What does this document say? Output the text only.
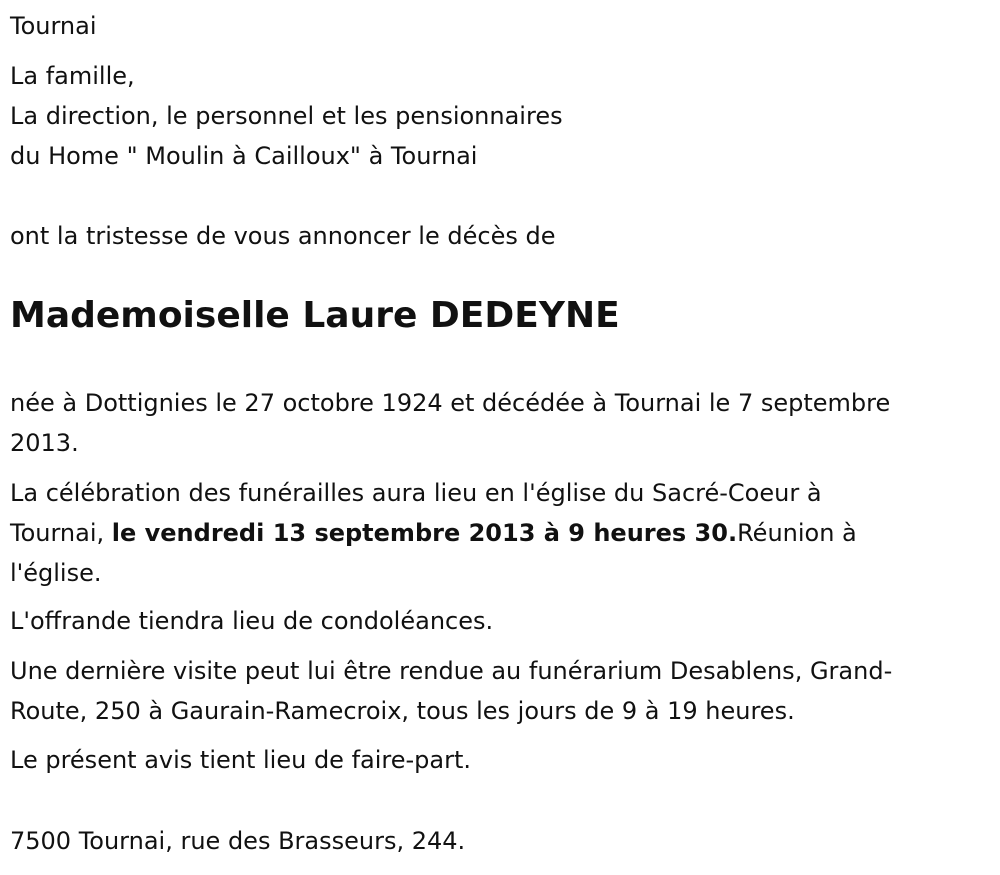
Tournai
La famille,
La direction, le personnel et les pensionnaires
du Home " Moulin à Cailloux" à Tournai
ont la tristesse de vous annoncer le décès de
Mademoiselle Laure DEDEYNE
née à Dottignies le 27 octobre 1924 et décédée à Tournai le 7 septembre
2013.
La célébration des funérailles aura lieu en l'église du Sacré-Coeur à
Tournai, le vendredi 13 septembre 2013 à 9 heures 30.Réunion à
l'église.
L'offrande tiendra lieu de condoléances.
Une dernière visite peut lui être rendue au funérarium Desablens, Grand-
Route, 250 à Gaurain-Ramecroix, tous les jours de 9 à 19 heures.
Le présent avis tient lieu de faire-part.
7500 Tournai, rue des Brasseurs, 244.
